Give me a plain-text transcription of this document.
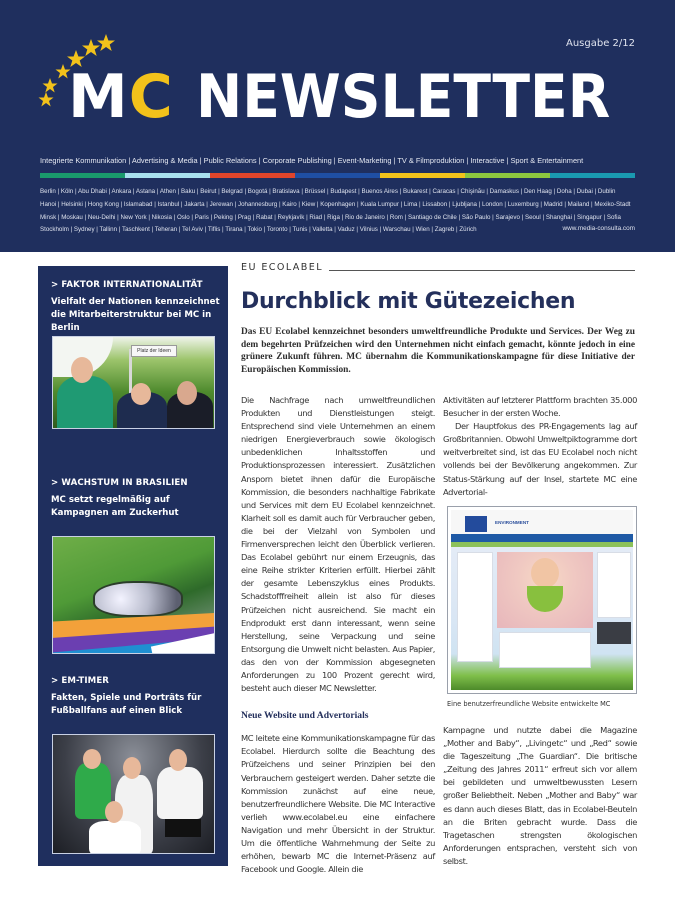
Ausgabe 2/12
MC NEWSLETTER
Integrierte Kommunikation | Advertising & Media | Public Relations | Corporate Publishing | Event-Marketing | TV & Filmproduktion | Interactive | Sport & Entertainment
Berlin | Köln | Abu Dhabi | Ankara | Astana | Athen | Baku | Beirut | Belgrad | Bogotá | Bratislava | Brüssel | Budapest | Buenos Aires | Bukarest | Caracas | Chişinău | Damaskus | Den Haag | Doha | Dubai | Dublin
Hanoi | Helsinki | Hong Kong | Islamabad | Istanbul | Jakarta | Jerewan | Johannesburg | Kairo | Kiew | Kopenhagen | Kuala Lumpur | Lima | Lissabon | Ljubljana | London | Luxemburg | Madrid | Mailand | Mexiko-Stadt
Minsk | Moskau | Neu-Delhi | New York | Nikosia | Oslo | Paris | Peking | Prag | Rabat | Reykjavík | Riad | Riga | Rio de Janeiro | Rom | Santiago de Chile | São Paulo | Sarajevo | Seoul | Shanghai | Singapur | Sofia
Stockholm | Sydney | Tallinn | Taschkent | Teheran | Tel Aviv | Tiflis | Tirana | Tokio | Toronto | Tunis | Valletta | Vaduz | Vilnius | Warschau | Wien | Zagreb | Zürich	www.media-consulta.com
> FAKTOR INTERNATIONALITÄT
Vielfalt der Nationen kennzeichnet die Mitarbeiterstruktur bei MC in Berlin
Platz der Ideen
> WACHSTUM IN BRASILIEN
MC setzt regelmäßig auf Kampagnen am Zuckerhut
> EM-TIMER
Fakten, Spiele und Porträts für Fußballfans auf einen Blick
EU ECOLABEL
Durchblick mit Gütezeichen

Das EU Ecolabel kennzeichnet besonders umweltfreundliche Produkte und Services. Der Weg zu dem begehrten Prüfzeichen wird den Unternehmen nicht einfach gemacht, könnte jedoch in eine grünere Zukunft führen. MC übernahm die Kommunikationskampagne für diese Initiative der Europäischen Kommission.

Die Nachfrage nach umweltfreundlichen Produkten und Dienstleistungen steigt. Entsprechend sind viele Unternehmen an einem niedrigen Energieverbrauch sowie ökologisch unbedenklichen Inhaltsstoffen und Produktionsprozessen interessiert. Zusätzlichen Ansporn bietet ihnen dafür die Europäische Kommission, die besonders nachhaltige Fabrikate und Services mit dem EU Ecolabel kennzeichnet. Klarheit soll es damit auch für Verbraucher geben, die bei der Vielzahl von Symbolen und Firmenversprechen leicht den Überblick verlieren. Das Ecolabel gebührt nur einem Erzeugnis, das eine Reihe strikter Kriterien erfüllt. Hierbei zählt der gesamte Lebenszyklus eines Produkts. Schadstofffreiheit allein ist also für dieses Prüfzeichen nicht ausreichend. Sie macht ein Endprodukt erst dann interessant, wenn seine Herstellung, seine Verpackung und seine Entsorgung die Umwelt nicht belasten. Aus Papier, das den von der Kommission abgesegneten Anforderungen zu 100 Prozent gerecht wird, besteht auch dieser MC Newsletter.

Neue Website und Advertorials

MC leitete eine Kommunikationskampagne für das Ecolabel. Hierdurch sollte die Beachtung des Prüfzeichens und seiner Prinzipien bei den Verbrauchern gesteigert werden. Daher setzte die Kommission zunächst auf eine neue, benutzerfreundlichere Website. Die MC Interactive verlieh www.ecolabel.eu eine einfachere Navigation und mehr Übersicht in der Struktur. Um die öffentliche Wahrnehmung der Seite zu erhöhen, bewarb MC die Internet-Präsenz auf Facebook und Google. Allein die

Aktivitäten auf letzterer Plattform brachten 35.000 Besucher in der ersten Woche.

Der Hauptfokus des PR-Engagements lag auf Großbritannien. Obwohl Umweltpiktogramme dort weitverbreitet sind, ist das EU Ecolabel noch nicht vollends bei der Bevölkerung angekommen. Zur Status-Stärkung auf der Insel, startete MC eine Advertorial-

ENVIRONMENT
Eine benutzerfreundliche Website entwickelte MC

Kampagne und nutzte dabei die Magazine „Mother and Baby“, „Livingetc“ und „Red“ sowie die Tageszeitung „The Guardian“. Die britische „Zeitung des Jahres 2011“ erfreut sich vor allem bei gebildeten und umweltbewussten Lesern großer Beliebtheit. Neben „Mother and Baby“ war es dann auch dieses Blatt, das in Ecolabel-Beuteln an die Briten gebracht wurde. Dass die Tragetaschen strengsten ökologischen Anforderungen entsprachen, versteht sich von selbst.
